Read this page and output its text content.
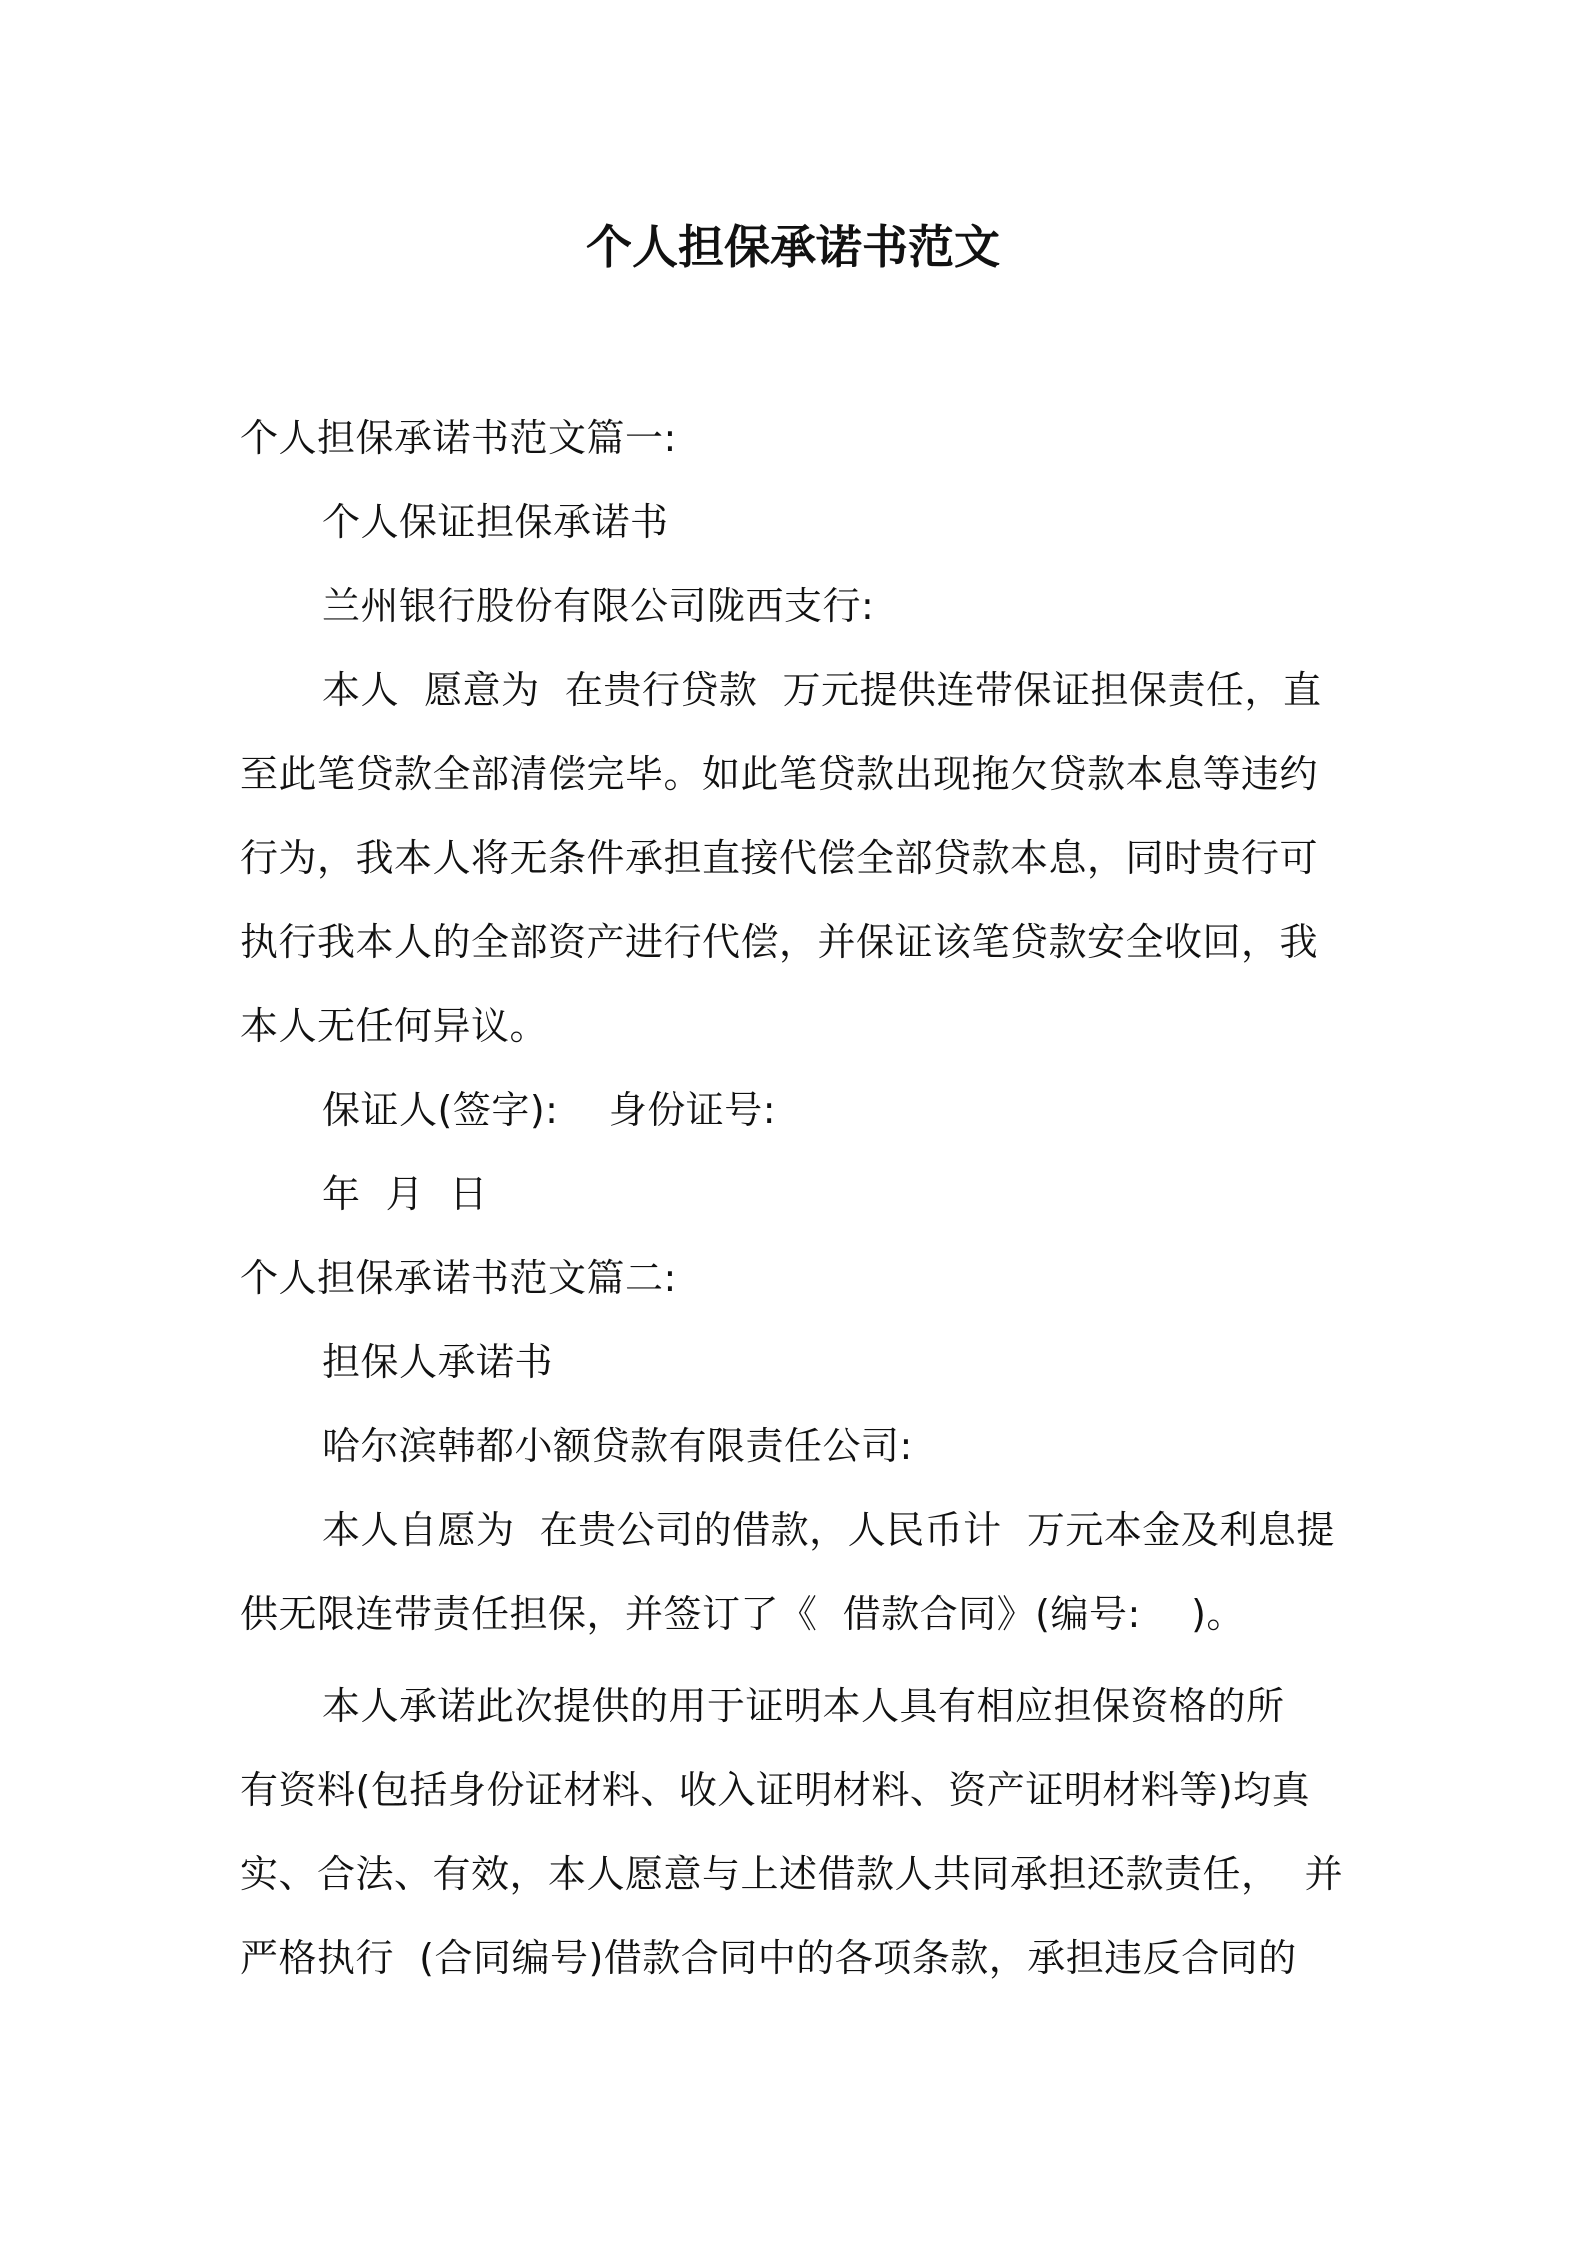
个人担保承诺书范文
个人担保承诺书范文篇一:
个人保证担保承诺书
兰州银行股份有限公司陇西支行:
本人  愿意为  在贵行贷款  万元提供连带保证担保责任，直
至此笔贷款全部清偿完毕。如此笔贷款出现拖欠贷款本息等违约
行为，我本人将无条件承担直接代偿全部贷款本息，同时贵行可
执行我本人的全部资产进行代偿，并保证该笔贷款安全收回，我
本人无任何异议。
保证人(签字):    身份证号:
年  月  日
个人担保承诺书范文篇二:
担保人承诺书
哈尔滨韩都小额贷款有限责任公司:
本人自愿为  在贵公司的借款，人民币计  万元本金及利息提
供无限连带责任担保，并签订了《  借款合同》(编号:    )。
本人承诺此次提供的用于证明本人具有相应担保资格的所
有资料(包括身份证材料、收入证明材料、资产证明材料等)均真
实、合法、有效，本人愿意与上述借款人共同承担还款责任，  并
严格执行  (合同编号)借款合同中的各项条款，承担违反合同的
